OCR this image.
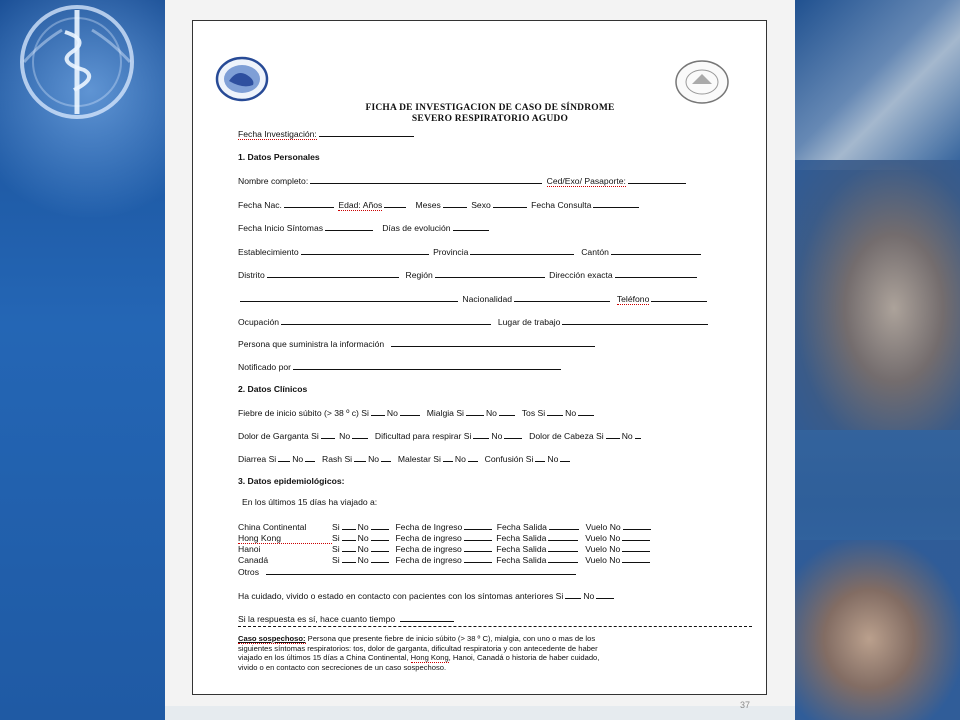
37
FICHA DE INVESTIGACION DE CASO DE SÍNDROME
SEVERO RESPIRATORIO AGUDO
Fecha Investigación:
1. Datos Personales
Nombre completo:	Ced/Exo/ Pasaporte:
Fecha Nac.	Edad: Años	Meses	Sexo	Fecha Consulta
Fecha Inicio Síntomas	Días de evolución
Establecimiento	Provincia	Cantón
Distrito	Región	Dirección exacta
Nacionalidad	Teléfono
Ocupación	Lugar de trabajo
Persona que suministra la información
Notificado por
2. Datos Clínicos
Fiebre de inicio súbito (> 38 º c) Si No	Mialgia Si	No	Tos Si No
Dolor de Garganta Si No	Dificultad para respirar Si No	Dolor de Cabeza Si No
Diarrea Si No Rash Si No Malestar Si No Confusión Si No
3. Datos epidemiológicos:
En los últimos 15 días ha viajado a:
China Continental	Si No	Fecha de Ingreso	Fecha Salida	Vuelo No
Hong Kong	Si No	Fecha de ingreso	Fecha Salida	Vuelo No
Hanoi	Si No	Fecha de ingreso	Fecha Salida	Vuelo No
Canadá	Si No	Fecha de ingreso	Fecha Salida	Vuelo No
Otros
Ha cuidado, vivido o estado en contacto con pacientes con los síntomas anteriores Si No
Si la respuesta es sí, hace cuanto tiempo
Caso sospechoso: Persona que presente fiebre de inicio súbito (> 38 º C), mialgia, con uno o mas de los
siguientes síntomas respiratorios: tos, dolor de garganta, dificultad respiratoria y con antecedente de haber
viajado en los últimos 15 días a China Continental, Hong Kong, Hanoi, Canadá o historia de haber cuidado,
vivido o en contacto con secreciones de un caso sospechoso.
